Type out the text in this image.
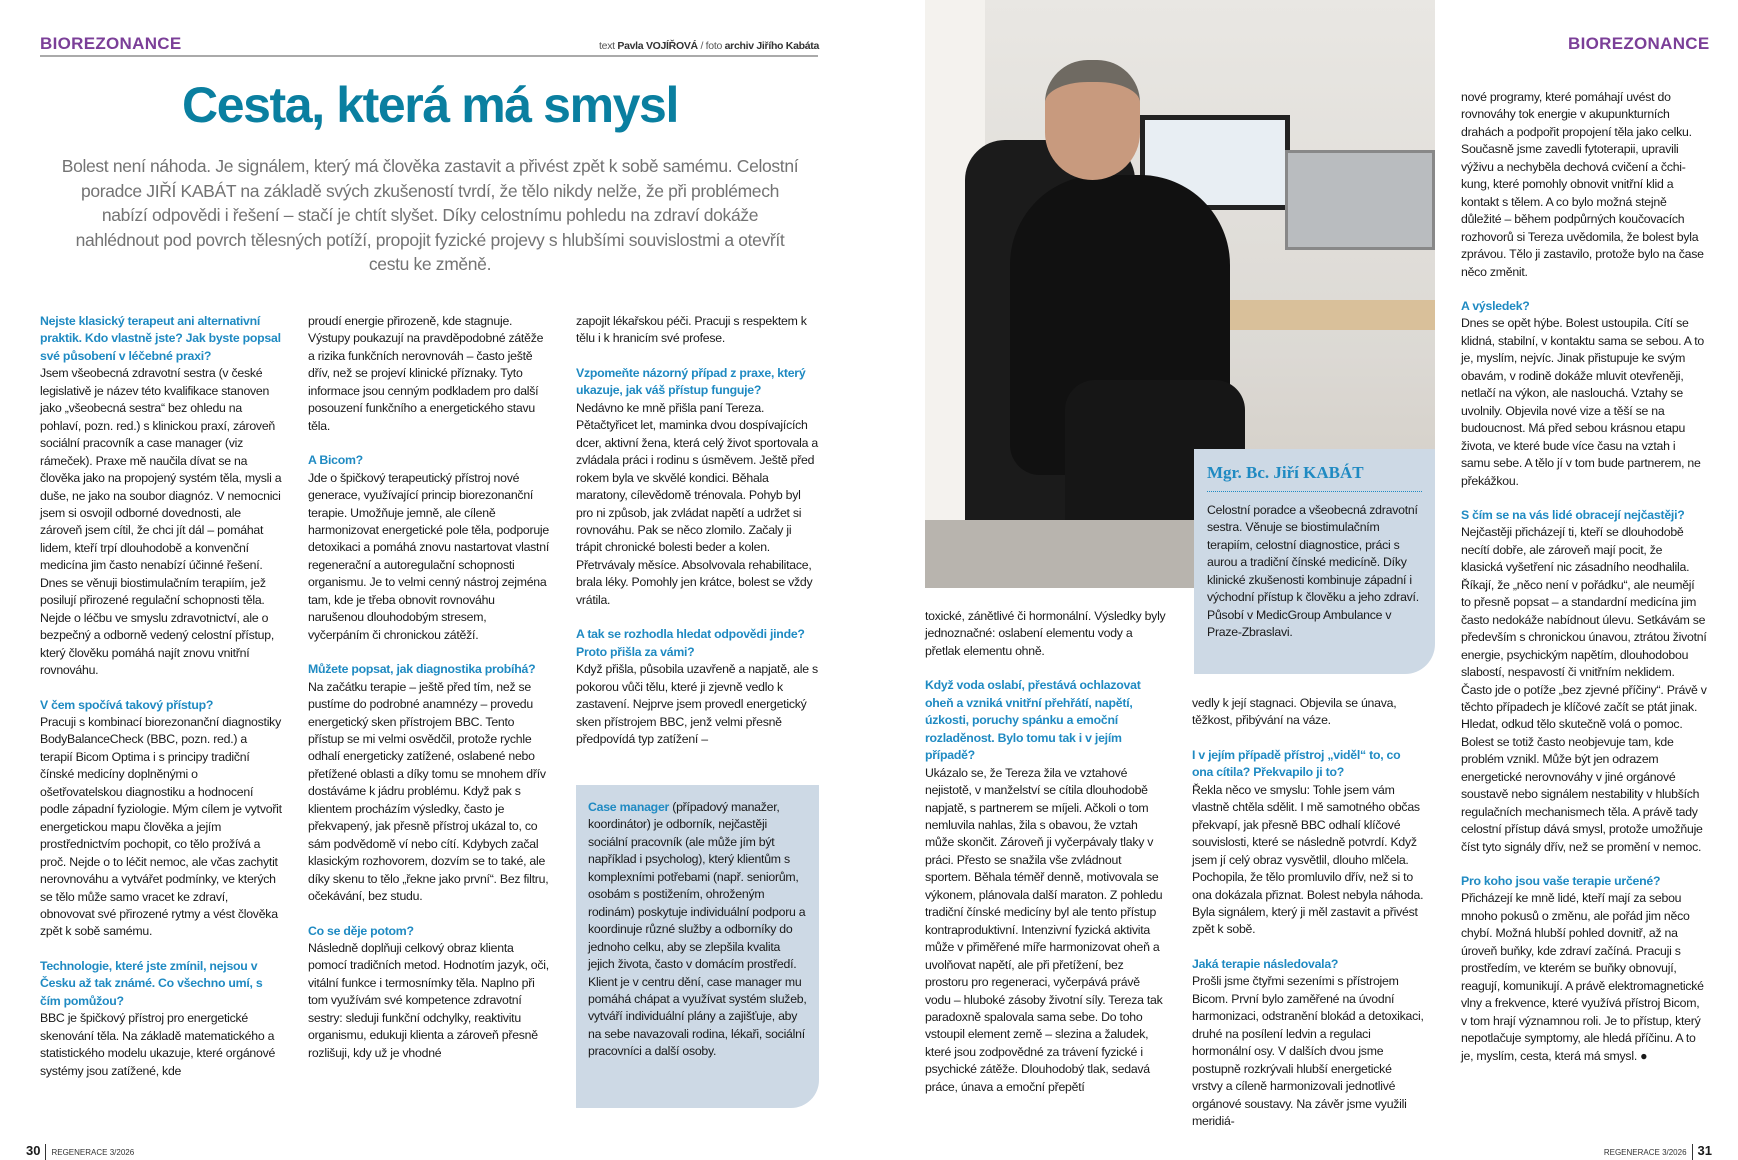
BIOREZONANCE	text Pavla VOJÍŘOVÁ / foto archiv Jiřího Kabáta
Cesta, která má smysl

Bolest není náhoda. Je signálem, který má člověka zastavit a přivést zpět k sobě samému. Celostní poradce JIŘÍ KABÁT na základě svých zkušeností tvrdí, že tělo nikdy nelže, že při problémech nabízí odpovědi i řešení – stačí je chtít slyšet. Díky celostnímu pohledu na zdraví dokáže nahlédnout pod povrch tělesných potíží, propojit fyzické projevy s hlubšími souvislostmi a otevřít cestu ke změně.

Nejste klasický terapeut ani alternativní praktik. Kdo vlastně jste? Jak byste popsal své působení v léčebné praxi?

Jsem všeobecná zdravotní sestra (v české legislativě je název této kvalifikace stanoven jako „všeobecná sestra“ bez ohledu na pohlaví, pozn. red.) s klinickou praxí, zároveň sociální pracovník a case manager (viz rámeček). Praxe mě naučila dívat se na člověka jako na propojený systém těla, mysli a duše, ne jako na soubor diagnóz. V nemocnici jsem si osvojil odborné dovednosti, ale zároveň jsem cítil, že chci jít dál – pomáhat lidem, kteří trpí dlouhodobě a konvenční medicína jim často nenabízí účinné řešení. Dnes se věnuji biostimulačním terapiím, jež posilují přirozené regulační schopnosti těla. Nejde o léčbu ve smyslu zdravotnictví, ale o bezpečný a odborně vedený celostní přístup, který člověku pomáhá najít znovu vnitřní rovnováhu.

V čem spočívá takový přístup?

Pracuji s kombinací biorezonanční diagnostiky BodyBalanceCheck (BBC, pozn. red.) a terapií Bicom Optima i s principy tradiční čínské medicíny doplněnými o ošetřovatelskou diagnostiku a hodnocení podle západní fyziologie. Mým cílem je vytvořit energetickou mapu člověka a jejím prostřednictvím pochopit, co tělo prožívá a proč. Nejde o to léčit nemoc, ale včas zachytit nerovnováhu a vytvářet podmínky, ve kterých se tělo může samo vracet ke zdraví, obnovovat své přirozené rytmy a vést člověka zpět k sobě samému.

Technologie, které jste zmínil, nejsou v Česku až tak známé. Co všechno umí, s čím pomůžou?

BBC je špičkový přístroj pro energetické skenování těla. Na základě matematického a statistického modelu ukazuje, které orgánové systémy jsou zatížené, kde

proudí energie přirozeně, kde stagnuje. Výstupy poukazují na pravděpodobné zátěže a rizika funkčních nerovnováh – často ještě dřív, než se projeví klinické příznaky. Tyto informace jsou cenným podkladem pro další posouzení funkčního a energetického stavu těla.

A Bicom?

Jde o špičkový terapeutický přístroj nové generace, využívající princip biorezonanční terapie. Umožňuje jemně, ale cíleně harmonizovat energetické pole těla, podporuje detoxikaci a pomáhá znovu nastartovat vlastní regenerační a autoregulační schopnosti organismu. Je to velmi cenný nástroj zejména tam, kde je třeba obnovit rovnováhu narušenou dlouhodobým stresem, vyčerpáním či chronickou zátěží.

Můžete popsat, jak diagnostika probíhá?

Na začátku terapie – ještě před tím, než se pustíme do podrobné anamnézy – provedu energetický sken přístrojem BBC. Tento přístup se mi velmi osvědčil, protože rychle odhalí energeticky zatížené, oslabené nebo přetížené oblasti a díky tomu se mnohem dřív dostáváme k jádru problému. Když pak s klientem procházím výsledky, často je překvapený, jak přesně přístroj ukázal to, co sám podvědomě ví nebo cítí. Kdybych začal klasickým rozhovorem, dozvím se to také, ale díky skenu to tělo „řekne jako první“. Bez filtru, očekávání, bez studu.

Co se děje potom?

Následně doplňuji celkový obraz klienta pomocí tradičních metod. Hodnotím jazyk, oči, vitální funkce i termosnímky těla. Naplno při tom využívám své kompetence zdravotní sestry: sleduji funkční odchylky, reaktivitu organismu, edukuji klienta a zároveň přesně rozlišuji, kdy už je vhodné

zapojit lékařskou péči. Pracuji s respektem k tělu i k hranicím své profese.

Vzpomeňte názorný případ z praxe, který ukazuje, jak váš přístup funguje?

Nedávno ke mně přišla paní Tereza. Pětačtyřicet let, maminka dvou dospívajících dcer, aktivní žena, která celý život sportovala a zvládala práci i rodinu s úsměvem. Ještě před rokem byla ve skvělé kondici. Běhala maratony, cílevědomě trénovala. Pohyb byl pro ni způsob, jak zvládat napětí a udržet si rovnováhu. Pak se něco zlomilo. Začaly ji trápit chronické bolesti beder a kolen. Přetrvávaly měsíce. Absolvovala rehabilitace, brala léky. Pomohly jen krátce, bolest se vždy vrátila.

A tak se rozhodla hledat odpovědi jinde? Proto přišla za vámi?

Když přišla, působila uzavřeně a napjatě, ale s pokorou vůči tělu, které ji zjevně vedlo k zastavení. Nejprve jsem provedl energetický sken přístrojem BBC, jenž velmi přesně předpovídá typ zatížení –

Case manager (případový manažer, koordinátor) je odborník, nejčastěji sociální pracovník (ale může jím být například i psycholog), který klientům s komplexními potřebami (např. seniorům, osobám s postižením, ohroženým rodinám) poskytuje individuální podporu a koordinuje různé služby a odborníky do jednoho celku, aby se zlepšila kvalita jejich života, často v domácím prostředí. Klient je v centru dění, case manager mu pomáhá chápat a využívat systém služeb, vytváří individuální plány a zajišťuje, aby na sebe navazovali rodina, lékaři, sociální pracovníci a další osoby.
Mgr. Bc. Jiří KABÁT

Celostní poradce a všeobecná zdravotní sestra. Věnuje se biostimulačním terapiím, celostní diagnostice, práci s aurou a tradiční čínské medicíně. Díky klinické zkušenosti kombinuje západní i východní přístup k člověku a jeho zdraví. Působí v MedicGroup Ambulance v Praze-Zbraslavi.

toxické, zánětlivé či hormonální. Výsledky byly jednoznačné: oslabení elementu vody a přetlak elementu ohně.

Když voda oslabí, přestává ochlazovat oheň a vzniká vnitřní přehřátí, napětí, úzkosti, poruchy spánku a emoční rozladěnost. Bylo tomu tak i v jejím případě?

Ukázalo se, že Tereza žila ve vztahové nejistotě, v manželství se cítila dlouhodobě napjatě, s partnerem se míjeli. Ačkoli o tom nemluvila nahlas, žila s obavou, že vztah může skončit. Zároveň ji vyčerpávaly tlaky v práci. Přesto se snažila vše zvládnout sportem. Běhala téměř denně, motivovala se výkonem, plánovala další maraton. Z pohledu tradiční čínské medicíny byl ale tento přístup kontraproduktivní. Intenzivní fyzická aktivita může v přiměřené míře harmonizovat oheň a uvolňovat napětí, ale při přetížení, bez prostoru pro regeneraci, vyčerpává právě vodu – hluboké zásoby životní síly. Tereza tak paradoxně spalovala sama sebe. Do toho vstoupil element země – slezina a žaludek, které jsou zodpovědné za trávení fyzické i psychické zátěže. Dlouhodobý tlak, sedavá práce, únava a emoční přepětí

vedly k její stagnaci. Objevila se únava, těžkost, přibývání na váze.

I v jejím případě přístroj „viděl“ to, co ona cítila? Překvapilo ji to?

Řekla něco ve smyslu: Tohle jsem vám vlastně chtěla sdělit. I mě samotného občas překvapí, jak přesně BBC odhalí klíčové souvislosti, které se následně potvrdí. Když jsem jí celý obraz vysvětlil, dlouho mlčela. Pochopila, že tělo promluvilo dřív, než si to ona dokázala přiznat. Bolest nebyla náhoda. Byla signálem, který ji měl zastavit a přivést zpět k sobě.

Jaká terapie následovala?

Prošli jsme čtyřmi sezeními s přístrojem Bicom. První bylo zaměřené na úvodní harmonizaci, odstranění blokád a detoxikaci, druhé na posílení ledvin a regulaci hormonální osy. V dalších dvou jsme postupně rozkrývali hlubší energetické vrstvy a cíleně harmonizovali jednotlivé orgánové soustavy. Na závěr jsme využili meridiá-

nové programy, které pomáhají uvést do rovnováhy tok energie v akupunkturních drahách a podpořit propojení těla jako celku. Současně jsme zavedli fytoterapii, upravili výživu a nechyběla dechová cvičení a čchi-kung, které pomohly obnovit vnitřní klid a kontakt s tělem. A co bylo možná stejně důležité – během podpůrných koučovacích rozhovorů si Tereza uvědomila, že bolest byla zprávou. Tělo ji zastavilo, protože bylo na čase něco změnit.

A výsledek?

Dnes se opět hýbe. Bolest ustoupila. Cítí se klidná, stabilní, v kontaktu sama se sebou. A to je, myslím, nejvíc. Jinak přistupuje ke svým obavám, v rodině dokáže mluvit otevřeněji, netlačí na výkon, ale naslouchá. Vztahy se uvolnily. Objevila nové vize a těší se na budoucnost. Má před sebou krásnou etapu života, ve které bude více času na vztah i samu sebe. A tělo jí v tom bude partnerem, ne překážkou.

S čím se na vás lidé obracejí nejčastěji?

Nejčastěji přicházejí ti, kteří se dlouhodobě necítí dobře, ale zároveň mají pocit, že klasická vyšetření nic zásadního neodhalila. Říkají, že „něco není v pořádku“, ale neumějí to přesně popsat – a standardní medicína jim často nedokáže nabídnout úlevu. Setkávám se především s chronickou únavou, ztrátou životní energie, psychickým napětím, dlouhodobou slabostí, nespavostí či vnitřním neklidem. Často jde o potíže „bez zjevné příčiny“. Právě v těchto případech je klíčové začít se ptát jinak. Hledat, odkud tělo skutečně volá o pomoc. Bolest se totiž často neobjevuje tam, kde problém vznikl. Může být jen odrazem energetické nerovnováhy v jiné orgánové soustavě nebo signálem nestability v hlubších regulačních mechanismech těla. A právě tady celostní přístup dává smysl, protože umožňuje číst tyto signály dřív, než se promění v nemoc.

Pro koho jsou vaše terapie určené?

Přicházejí ke mně lidé, kteří mají za sebou mnoho pokusů o změnu, ale pořád jim něco chybí. Možná hlubší pohled dovnitř, až na úroveň buňky, kde zdraví začíná. Pracuji s prostředím, ve kterém se buňky obnovují, reagují, komunikují. A právě elektromagnetické vlny a frekvence, které využívá přístroj Bicom, v tom hrají významnou roli. Je to přístup, který nepotlačuje symptomy, ale hledá příčinu. A to je, myslím, cesta, která má smysl. ●

BIOREZONANCE
30 REGENERACE 3/2026	REGENERACE 3/2026 31
